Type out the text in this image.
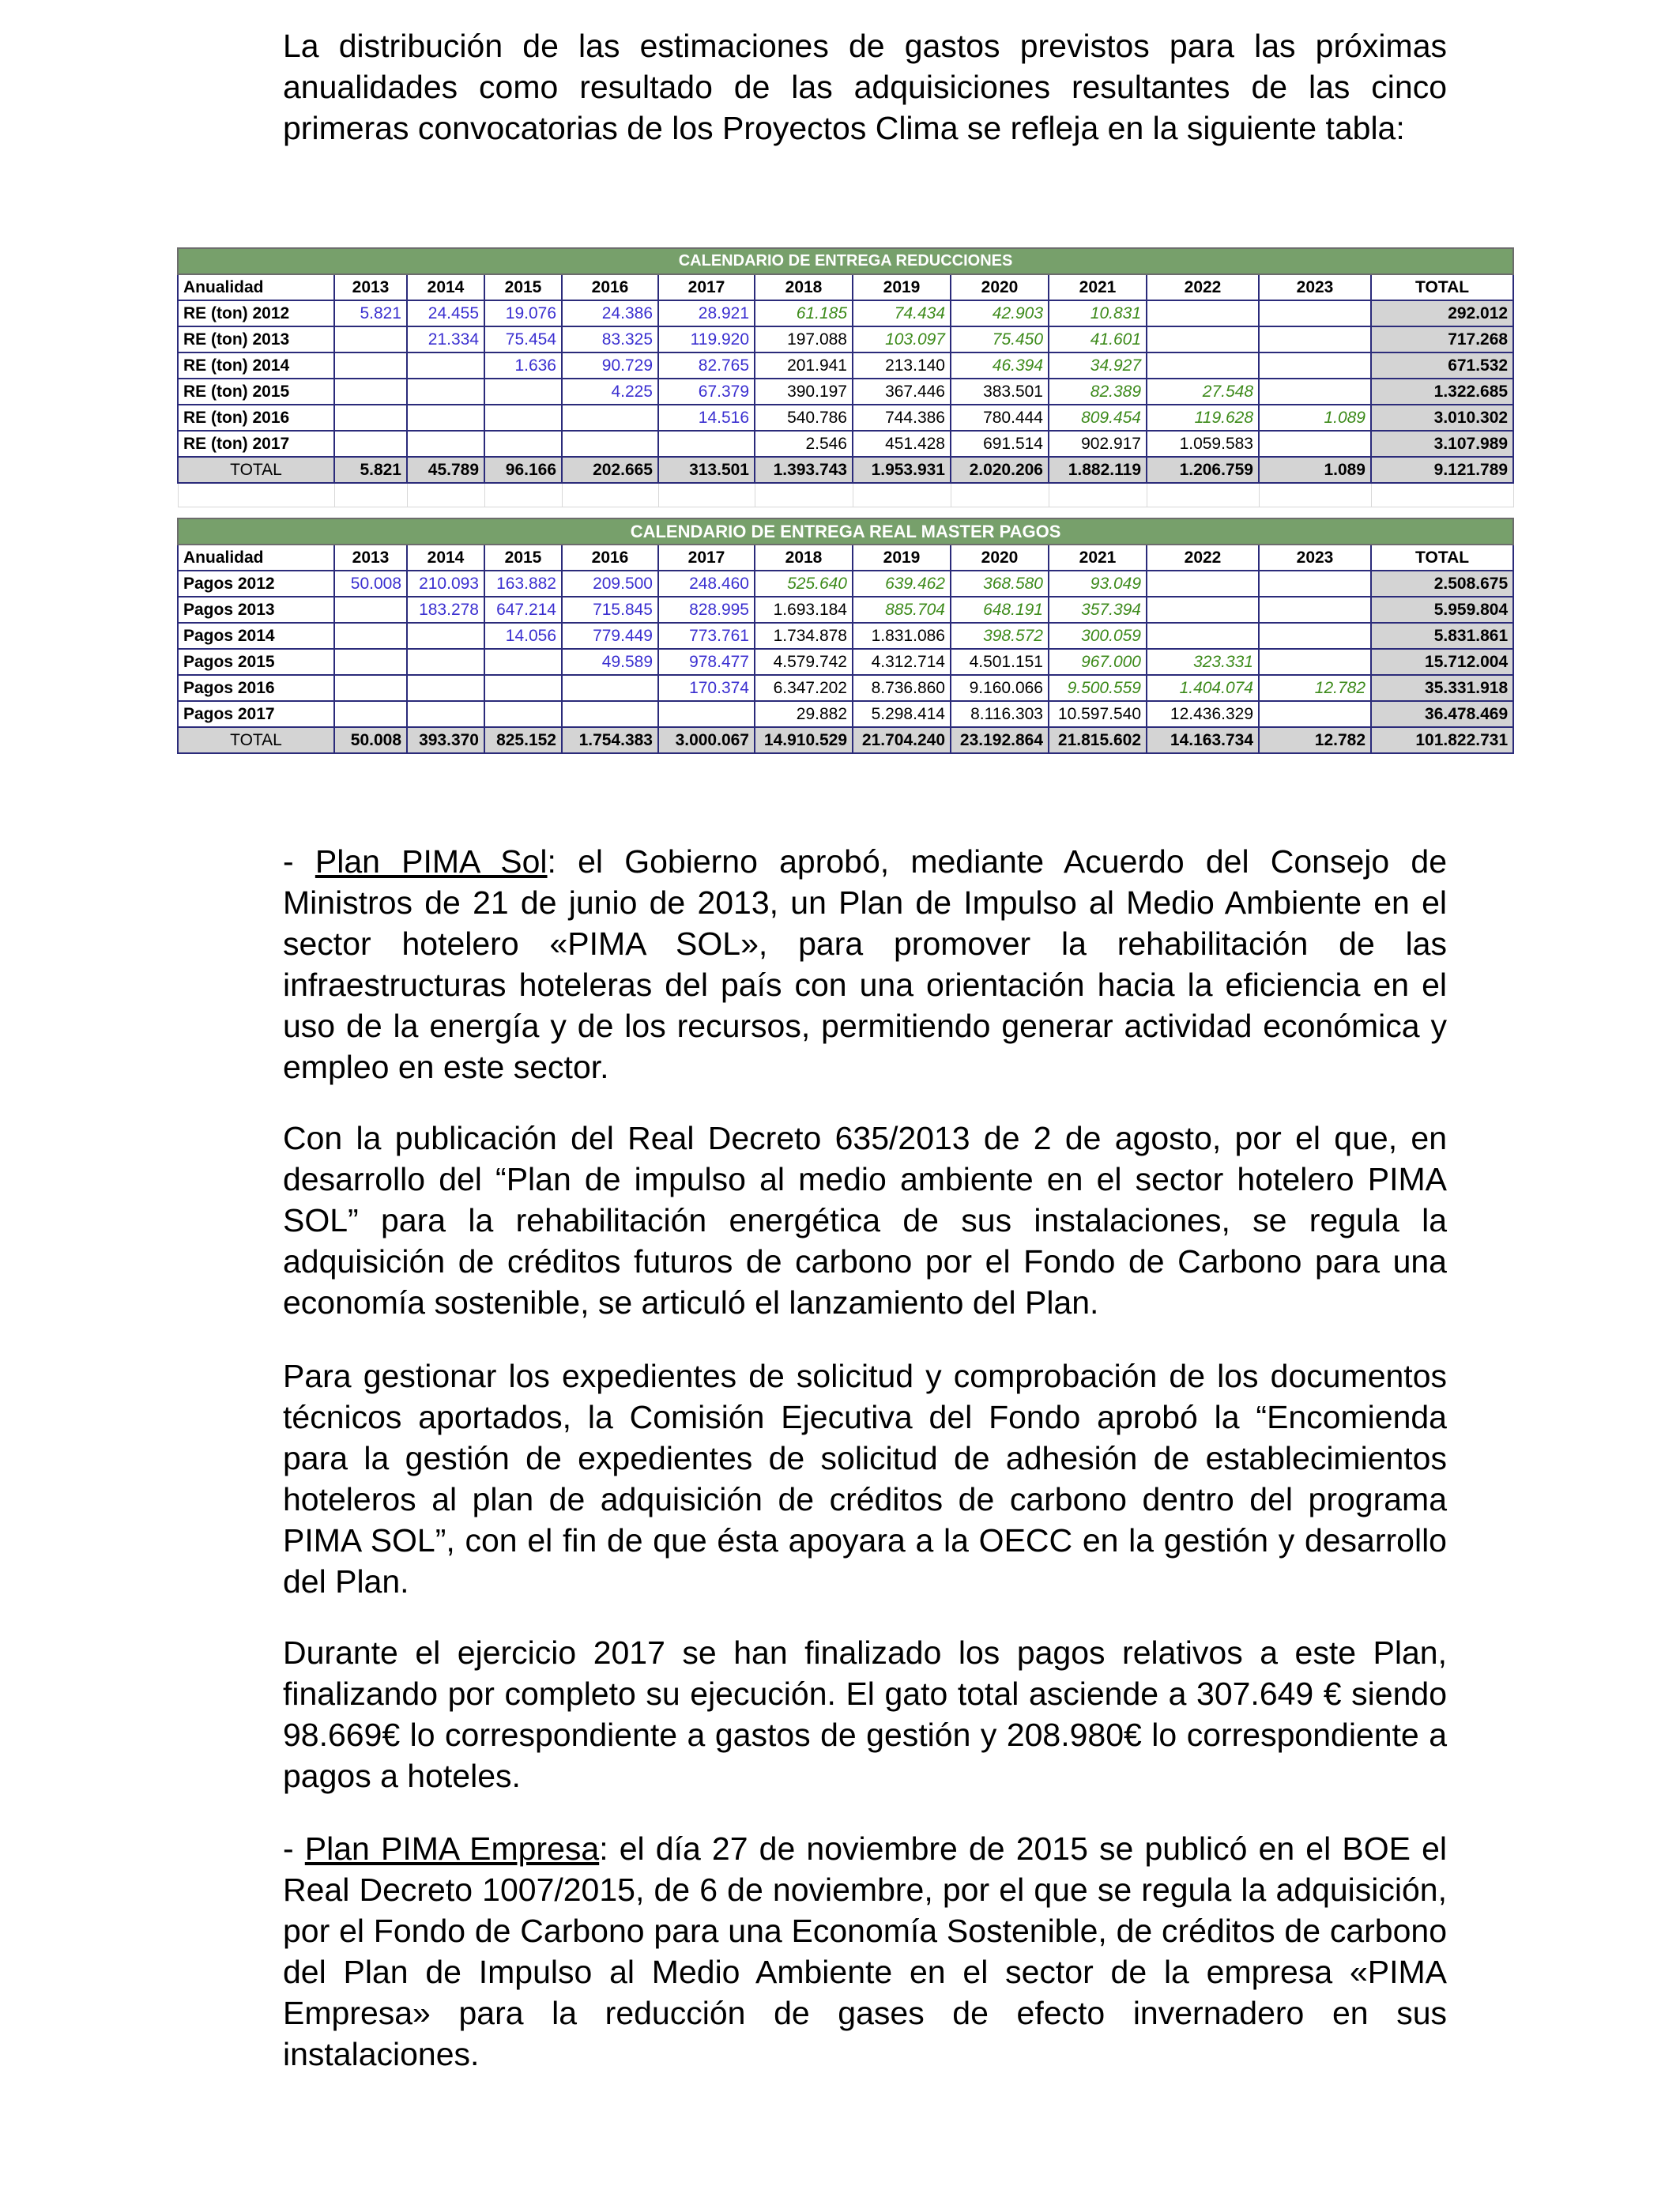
La distribución de las estimaciones de gastos previstos para las próximas anualidades como resultado de las adquisiciones resultantes de las cinco primeras convocatorias de los Proyectos Clima se refleja en la siguiente tabla:

CALENDARIO DE ENTREGA REDUCCIONES												
Anualidad	2013	2014	2015	2016	2017	2018	2019	2020	2021	2022	2023	TOTAL
RE (ton) 2012	5.821	24.455	19.076	24.386	28.921	61.185	74.434	42.903	10.831			292.012
RE (ton) 2013		21.334	75.454	83.325	119.920	197.088	103.097	75.450	41.601			717.268
RE (ton) 2014			1.636	90.729	82.765	201.941	213.140	46.394	34.927			671.532
RE (ton) 2015				4.225	67.379	390.197	367.446	383.501	82.389	27.548		1.322.685
RE (ton) 2016					14.516	540.786	744.386	780.444	809.454	119.628	1.089	3.010.302
RE (ton) 2017						2.546	451.428	691.514	902.917	1.059.583		3.107.989
TOTAL	5.821	45.789	96.166	202.665	313.501	1.393.743	1.953.931	2.020.206	1.882.119	1.206.759	1.089	9.121.789

CALENDARIO DE ENTREGA REAL MASTER PAGOS												
Anualidad	2013	2014	2015	2016	2017	2018	2019	2020	2021	2022	2023	TOTAL
Pagos 2012	50.008	210.093	163.882	209.500	248.460	525.640	639.462	368.580	93.049			2.508.675
Pagos 2013		183.278	647.214	715.845	828.995	1.693.184	885.704	648.191	357.394			5.959.804
Pagos 2014			14.056	779.449	773.761	1.734.878	1.831.086	398.572	300.059			5.831.861
Pagos 2015				49.589	978.477	4.579.742	4.312.714	4.501.151	967.000	323.331		15.712.004
Pagos 2016					170.374	6.347.202	8.736.860	9.160.066	9.500.559	1.404.074	12.782	35.331.918
Pagos 2017						29.882	5.298.414	8.116.303	10.597.540	12.436.329		36.478.469
TOTAL	50.008	393.370	825.152	1.754.383	3.000.067	14.910.529	21.704.240	23.192.864	21.815.602	14.163.734	12.782	101.822.731

- Plan PIMA Sol: el Gobierno aprobó, mediante Acuerdo del Consejo de Ministros de 21 de junio de 2013, un Plan de Impulso al Medio Ambiente en el sector hotelero «PIMA SOL», para promover la rehabilitación de las infraestructuras hoteleras del país con una orientación hacia la eficiencia en el uso de la energía y de los recursos, permitiendo generar actividad económica y empleo en este sector.

Con la publicación del Real Decreto 635/2013 de 2 de agosto, por el que, en desarrollo del “Plan de impulso al medio ambiente en el sector hotelero PIMA SOL” para la rehabilitación energética de sus instalaciones, se regula la adquisición de créditos futuros de carbono por el Fondo de Carbono para una economía sostenible, se articuló el lanzamiento del Plan.

Para gestionar los expedientes de solicitud y comprobación de los documentos técnicos aportados, la Comisión Ejecutiva del Fondo aprobó la “Encomienda para la gestión de expedientes de solicitud de adhesión de establecimientos hoteleros al plan de adquisición de créditos de carbono dentro del programa PIMA SOL”, con el fin de que ésta apoyara a la OECC en la gestión y desarrollo del Plan.

Durante el ejercicio 2017 se han finalizado los pagos relativos a este Plan, finalizando por completo su ejecución. El gato total asciende a 307.649 € siendo 98.669€ lo correspondiente a gastos de gestión y 208.980€ lo correspondiente a pagos a hoteles.

- Plan PIMA Empresa: el día 27 de noviembre de 2015 se publicó en el BOE el Real Decreto 1007/2015, de 6 de noviembre, por el que se regula la adquisición, por el Fondo de Carbono para una Economía Sostenible, de créditos de carbono del Plan de Impulso al Medio Ambiente en el sector de la empresa «PIMA Empresa» para la reducción de gases de efecto invernadero en sus instalaciones.
